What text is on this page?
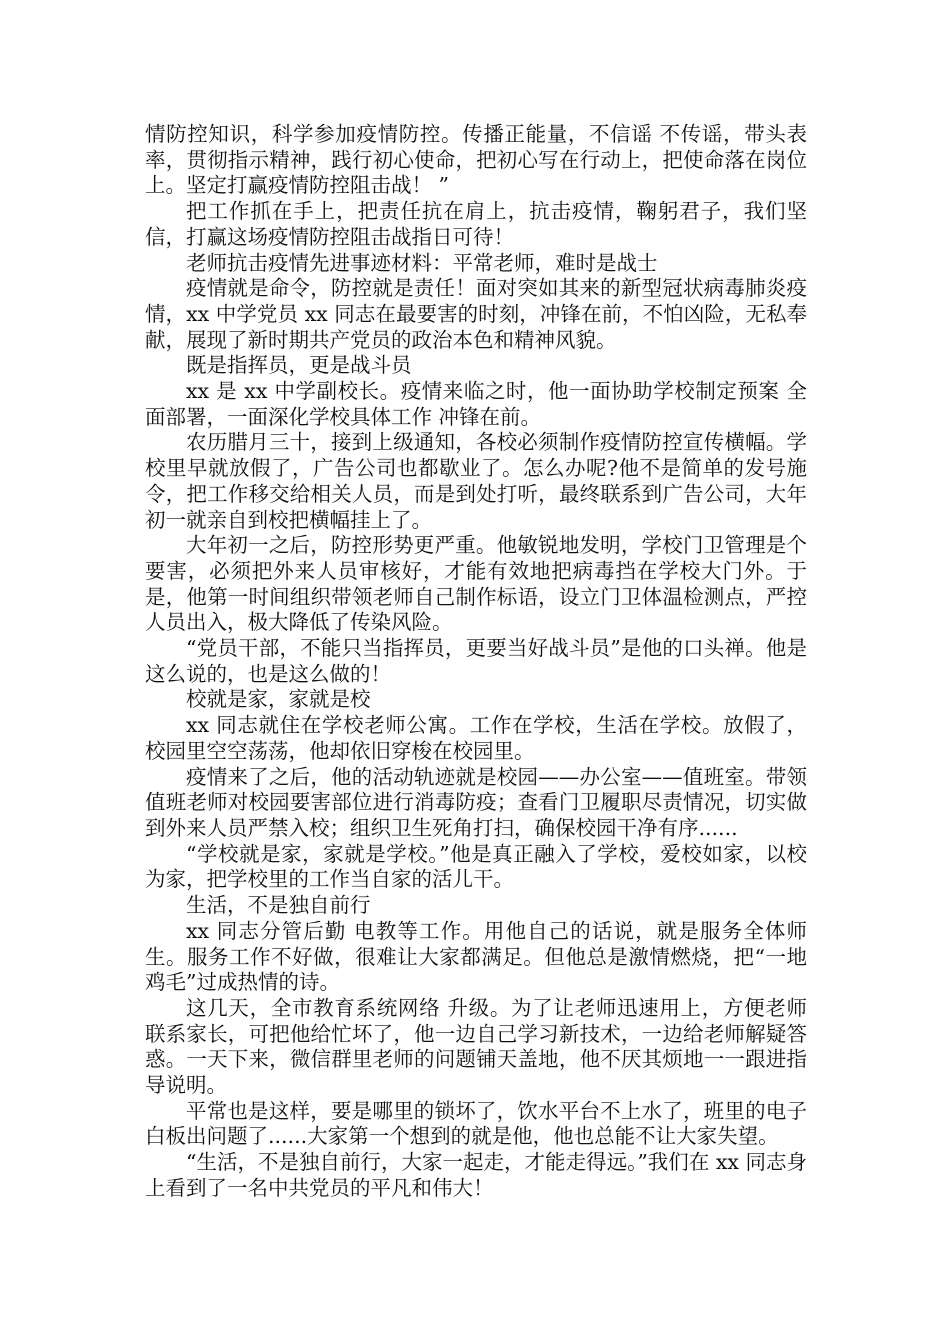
情防控知识，科学参加疫情防控。传播正能量，不信谣 不传谣，带头表率，贯彻指示精神，践行初心使命，把初心写在行动上，把使命落在岗位上。坚定打赢疫情防控阻击战！ ”

把工作抓在手上，把责任抗在肩上，抗击疫情，鞠躬君子，我们坚信，打赢这场疫情防控阻击战指日可待！

老师抗击疫情先进事迹材料：平常老师，难时是战士

疫情就是命令，防控就是责任！面对突如其来的新型冠状病毒肺炎疫情，xx 中学党员 xx 同志在最要害的时刻，冲锋在前，不怕凶险，无私奉献，展现了新时期共产党员的政治本色和精神风貌。

既是指挥员，更是战斗员

xx 是 xx 中学副校长。疫情来临之时，他一面协助学校制定预案 全面部署，一面深化学校具体工作 冲锋在前。

农历腊月三十，接到上级通知，各校必须制作疫情防控宣传横幅。学校里早就放假了，广告公司也都歇业了。怎么办呢?他不是简单的发号施令，把工作移交给相关人员，而是到处打听，最终联系到广告公司，大年初一就亲自到校把横幅挂上了。

大年初一之后，防控形势更严重。他敏锐地发明，学校门卫管理是个要害，必须把外来人员审核好，才能有效地把病毒挡在学校大门外。于是，他第一时间组织带领老师自己制作标语，设立门卫体温检测点，严控人员出入，极大降低了传染风险。

“党员干部，不能只当指挥员，更要当好战斗员”是他的口头禅。他是这么说的，也是这么做的！

校就是家，家就是校

xx 同志就住在学校老师公寓。工作在学校，生活在学校。放假了，校园里空空荡荡，他却依旧穿梭在校园里。

疫情来了之后，他的活动轨迹就是校园——办公室——值班室。带领值班老师对校园要害部位进行消毒防疫；查看门卫履职尽责情况，切实做到外来人员严禁入校；组织卫生死角打扫，确保校园干净有序......

“学校就是家，家就是学校。”他是真正融入了学校，爱校如家，以校为家，把学校里的工作当自家的活儿干。

生活，不是独自前行

xx 同志分管后勤 电教等工作。用他自己的话说，就是服务全体师生。服务工作不好做，很难让大家都满足。但他总是激情燃烧，把“一地鸡毛”过成热情的诗。

这几天，全市教育系统网络 升级。为了让老师迅速用上，方便老师联系家长，可把他给忙坏了，他一边自己学习新技术，一边给老师解疑答惑。一天下来，微信群里老师的问题铺天盖地，他不厌其烦地一一跟进指导说明。

平常也是这样，要是哪里的锁坏了，饮水平台不上水了，班里的电子白板出问题了......大家第一个想到的就是他，他也总能不让大家失望。

“生活，不是独自前行，大家一起走，才能走得远。”我们在 xx 同志身上看到了一名中共党员的平凡和伟大！
